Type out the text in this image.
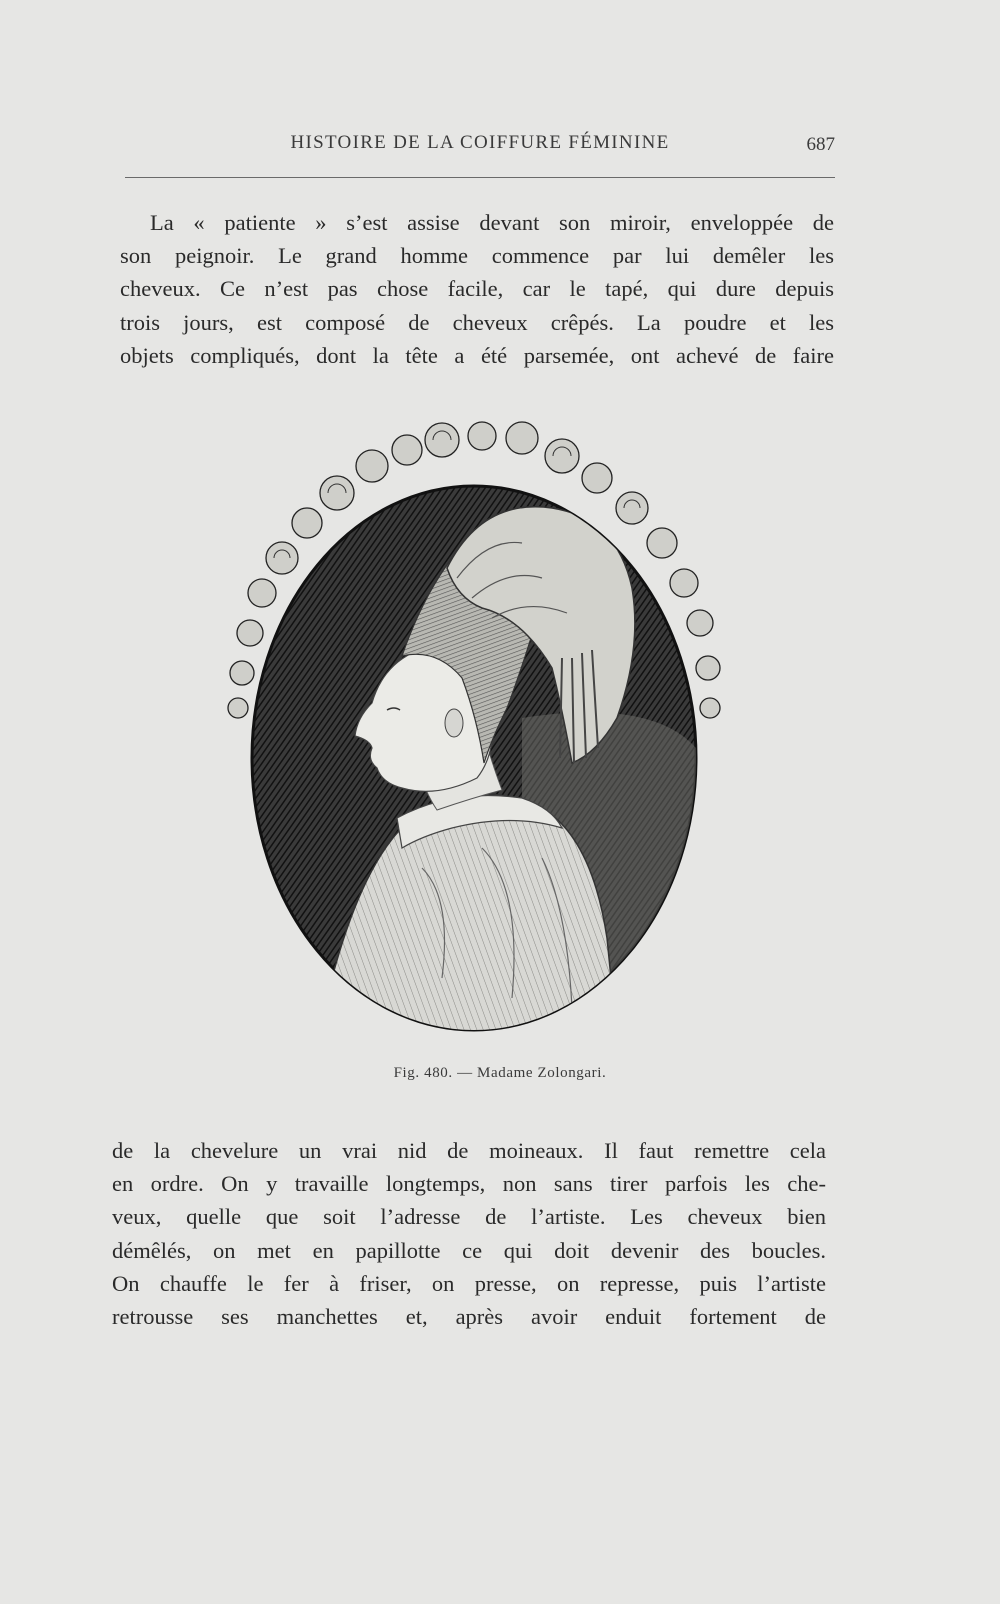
HISTOIRE DE LA COIFFURE FÉMININE	687
La « patiente » s’est assise devant son miroir, enveloppée de
son peignoir. Le grand homme commence par lui demêler les
cheveux. Ce n’est pas chose facile, car le tapé, qui dure depuis
trois jours, est composé de cheveux crêpés. La poudre et les
objets compliqués, dont la tête a été parsemée, ont achevé de faire
Fig. 480. — Madame Zolongari.
de la chevelure un vrai nid de moineaux. Il faut remettre cela
en ordre. On y travaille longtemps, non sans tirer parfois les che-
veux, quelle que soit l’adresse de l’artiste. Les cheveux bien
démêlés, on met en papillotte ce qui doit devenir des boucles.
On chauffe le fer à friser, on presse, on represse, puis l’artiste
retrousse ses manchettes et, après avoir enduit fortement de
